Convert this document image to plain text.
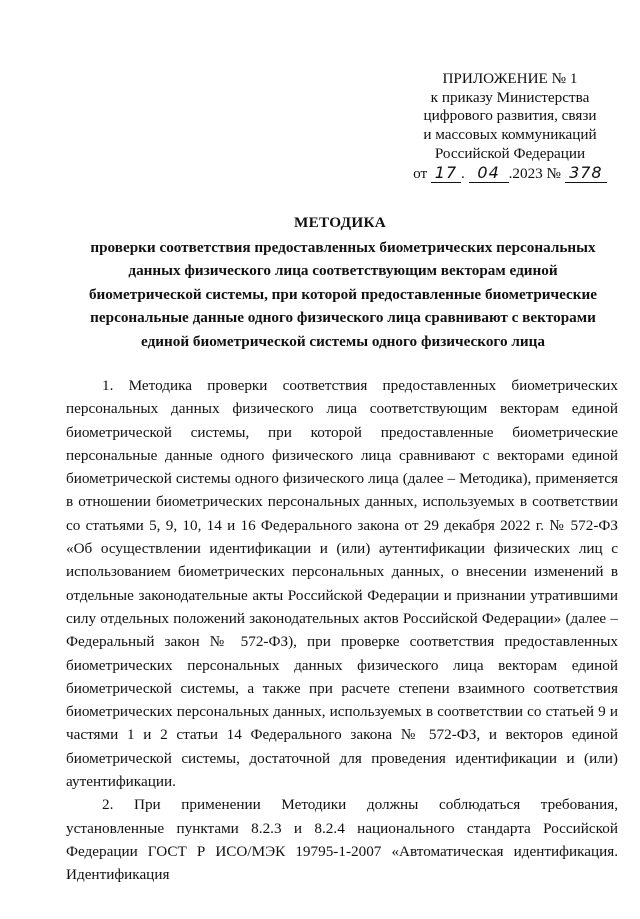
ПРИЛОЖЕНИЕ № 1
к приказу Министерства
цифрового развития, связи
и массовых коммуникаций
Российской Федерации
от 17 . 04 .2023 № 378
МЕТОДИКА
проверки соответствия предоставленных биометрических персональных данных физического лица соответствующим векторам единой биометрической системы, при которой предоставленные биометрические персональные данные одного физического лица сравнивают с векторами единой биометрической системы одного физического лица

1. Методика проверки соответствия предоставленных биометрических персональных данных физического лица соответствующим векторам единой биометрической системы, при которой предоставленные биометрические персональные данные одного физического лица сравнивают с векторами единой биометрической системы одного физического лица (далее – Методика), применяется в отношении биометрических персональных данных, используемых в соответствии со статьями 5, 9, 10, 14 и 16 Федерального закона от 29 декабря 2022 г. № 572-ФЗ «Об осуществлении идентификации и (или) аутентификации физических лиц с использованием биометрических персональных данных, о внесении изменений в отдельные законодательные акты Российской Федерации и признании утратившими силу отдельных положений законодательных актов Российской Федерации» (далее – Федеральный закон № 572-ФЗ), при проверке соответствия предоставленных биометрических персональных данных физического лица векторам единой биометрической системы, а также при расчете степени взаимного соответствия биометрических персональных данных, используемых в соответствии со статьей 9 и частями 1 и 2 статьи 14 Федерального закона № 572-ФЗ, и векторов единой биометрической системы, достаточной для проведения идентификации и (или) аутентификации.

2. При применении Методики должны соблюдаться требования, установленные пунктами 8.2.3 и 8.2.4 национального стандарта Российской Федерации ГОСТ Р ИСО/МЭК 19795-1-2007 «Автоматическая идентификация. Идентификация
